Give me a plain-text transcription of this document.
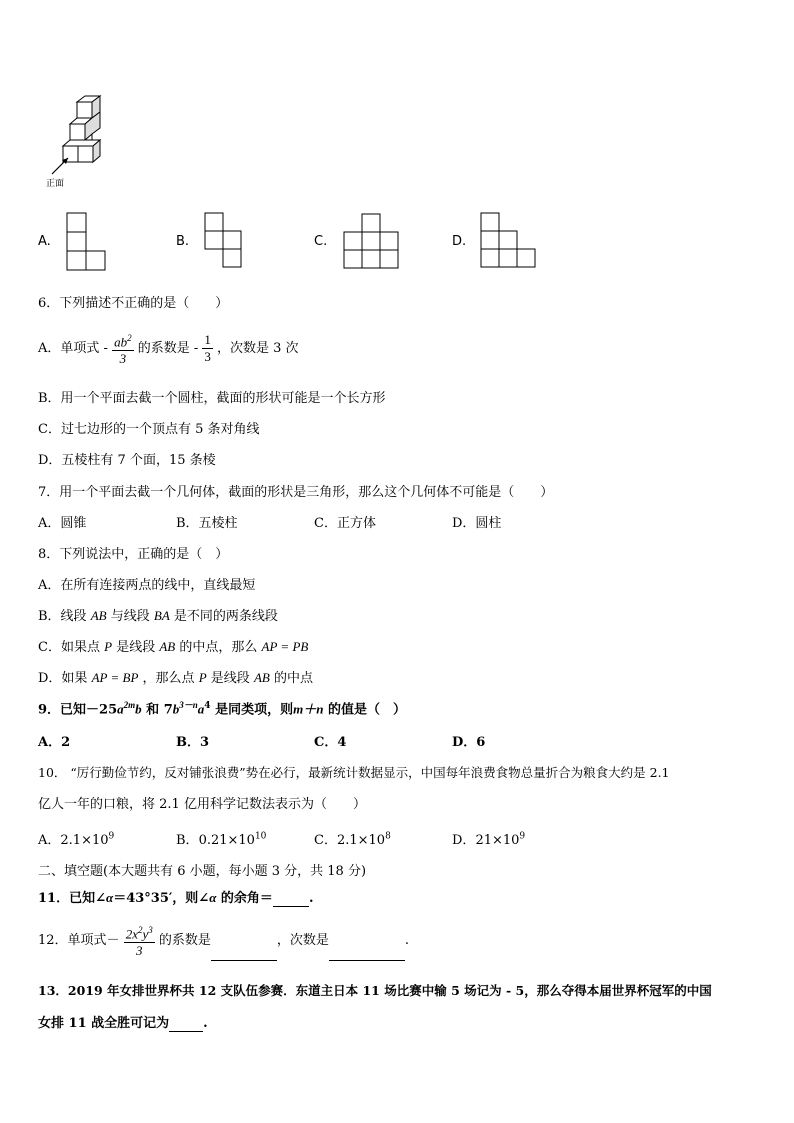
正面
A.	B.	C.	D.
6．下列描述不正确的是（　　）
A．单项式 - $\frac{ab^2}{3}$ 的系数是 - $\frac{1}{3}$ ，次数是 3 次
B．用一个平面去截一个圆柱，截面的形状可能是一个长方形
C．过七边形的一个顶点有 5 条对角线
D．五棱柱有 7 个面，15 条棱
7．用一个平面去截一个几何体，截面的形状是三角形，那么这个几何体不可能是（　　）
A．圆锥	B．五棱柱	C．正方体	D．圆柱
8．下列说法中，正确的是（　）
A．在所有连接两点的线中，直线最短
B．线段 AB 与线段 BA 是不同的两条线段
C．如果点 P 是线段 AB 的中点，那么 AP = PB
D．如果 AP = BP ，那么点 P 是线段 AB 的中点
9．已知$-25a^{2m}b$ 和 $7b^{3-n}a^4$ 是同类项，则m＋n 的值是（　）
A．2	B．3	C．4	D．6
10． “厉行勤俭节约，反对铺张浪费”势在必行，最新统计数据显示，中国每年浪费食物总量折合为粮食大约是 2.1
亿人一年的口粮，将 2.1 亿用科学记数法表示为（　　）
A．$2.1\times 10^9$	B．$0.21\times 10^{10}$	C．$2.1\times 10^8$	D．$21\times 10^9$
二、填空题(本大题共有 6 小题，每小题 3 分，共 18 分)
11．已知∠α＝43°35′，则∠α 的余角＝	.
12．单项式－ $\frac{2x^2y^3}{3}$ 的系数是	，次数是	.
13．2019 年女排世界杯共 12 支队伍参赛．东道主日本 11 场比赛中输 5 场记为 - 5，那么夺得本届世界杯冠军的中国
女排 11 战全胜可记为	.
